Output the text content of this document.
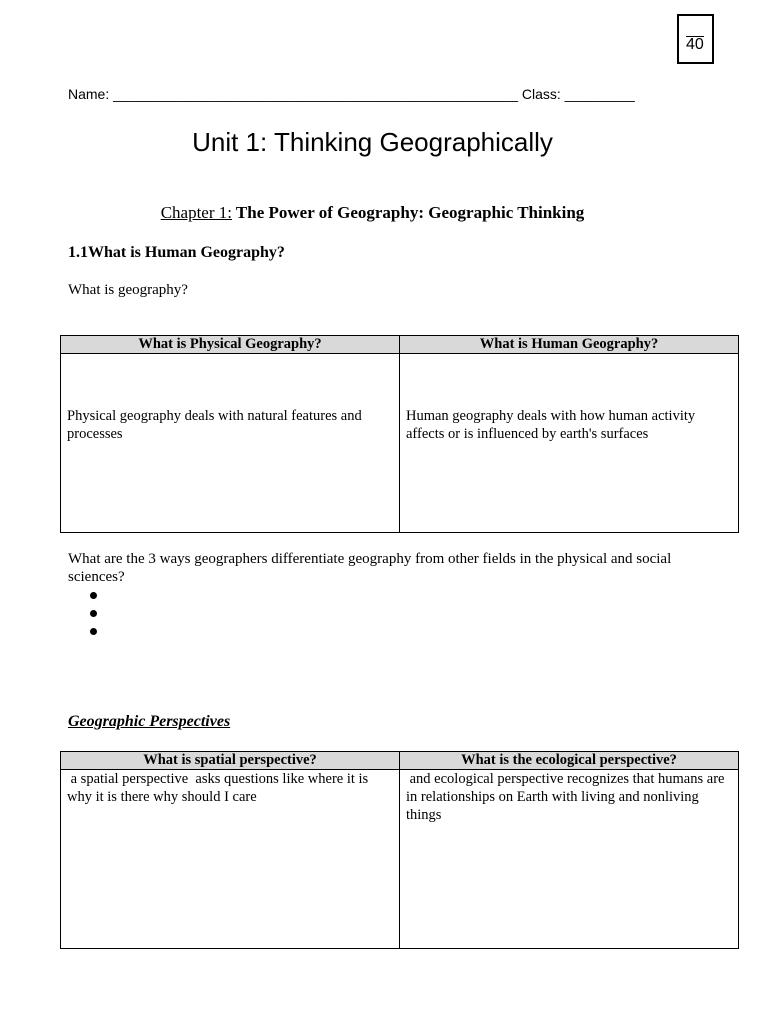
40
Name: ____________________________________________________ Class: _________
Unit 1: Thinking Geographically
Chapter 1: The Power of Geography: Geographic Thinking
1.1What is Human Geography?
What is geography?
What is Physical Geography?	What is Human Geography?

Physical geography deals with natural features and processes	Human geography deals with how human activity affects or is influenced by earth's surfaces
What are the 3 ways geographers differentiate geography from other fields in the physical and social sciences?
Geographic Perspectives
What is spatial perspective?	What is the ecological perspective?

a spatial perspective  asks questions like where it is why it is there why should I care	and ecological perspective recognizes that humans are in relationships on Earth with living and nonliving things
